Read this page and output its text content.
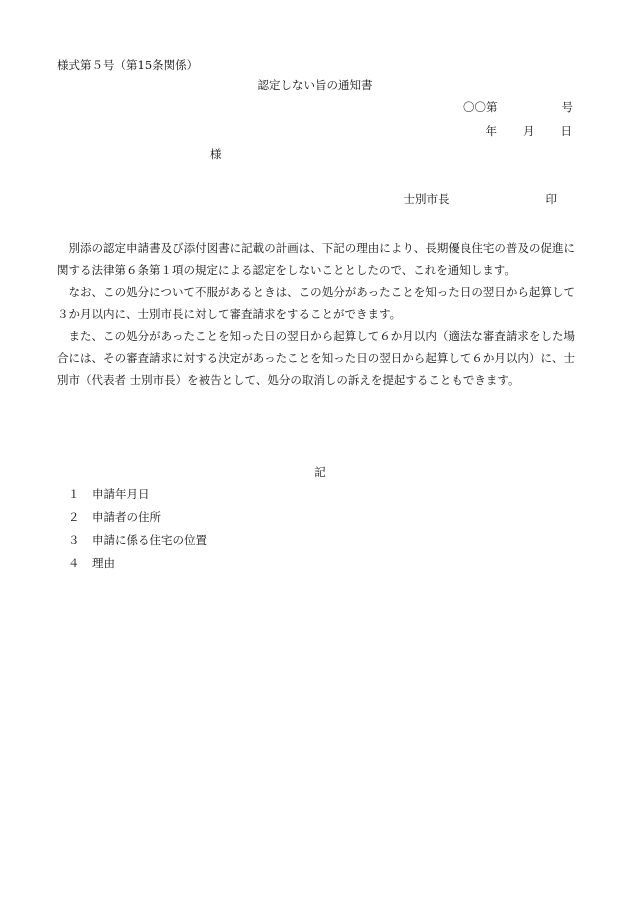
様式第５号（第15条関係）
認定しない旨の通知書
〇〇第	号
年 月 日
様
士別市長	印

別添の認定申請書及び添付図書に記載の計画は、下記の理由により、長期優良住宅の普及の促進に関する法律第６条第１項の規定による認定をしないこととしたので、これを通知します。

なお、この処分について不服があるときは、この処分があったことを知った日の翌日から起算して３か月以内に、士別市長に対して審査請求をすることができます。

また、この処分があったことを知った日の翌日から起算して６か月以内（適法な審査請求をした場合には、その審査請求に対する決定があったことを知った日の翌日から起算して６か月以内）に、士別市（代表者 士別市長）を被告として、処分の取消しの訴えを提起することもできます。

記
１	申請年月日
２	申請者の住所
３	申請に係る住宅の位置
４	理由
